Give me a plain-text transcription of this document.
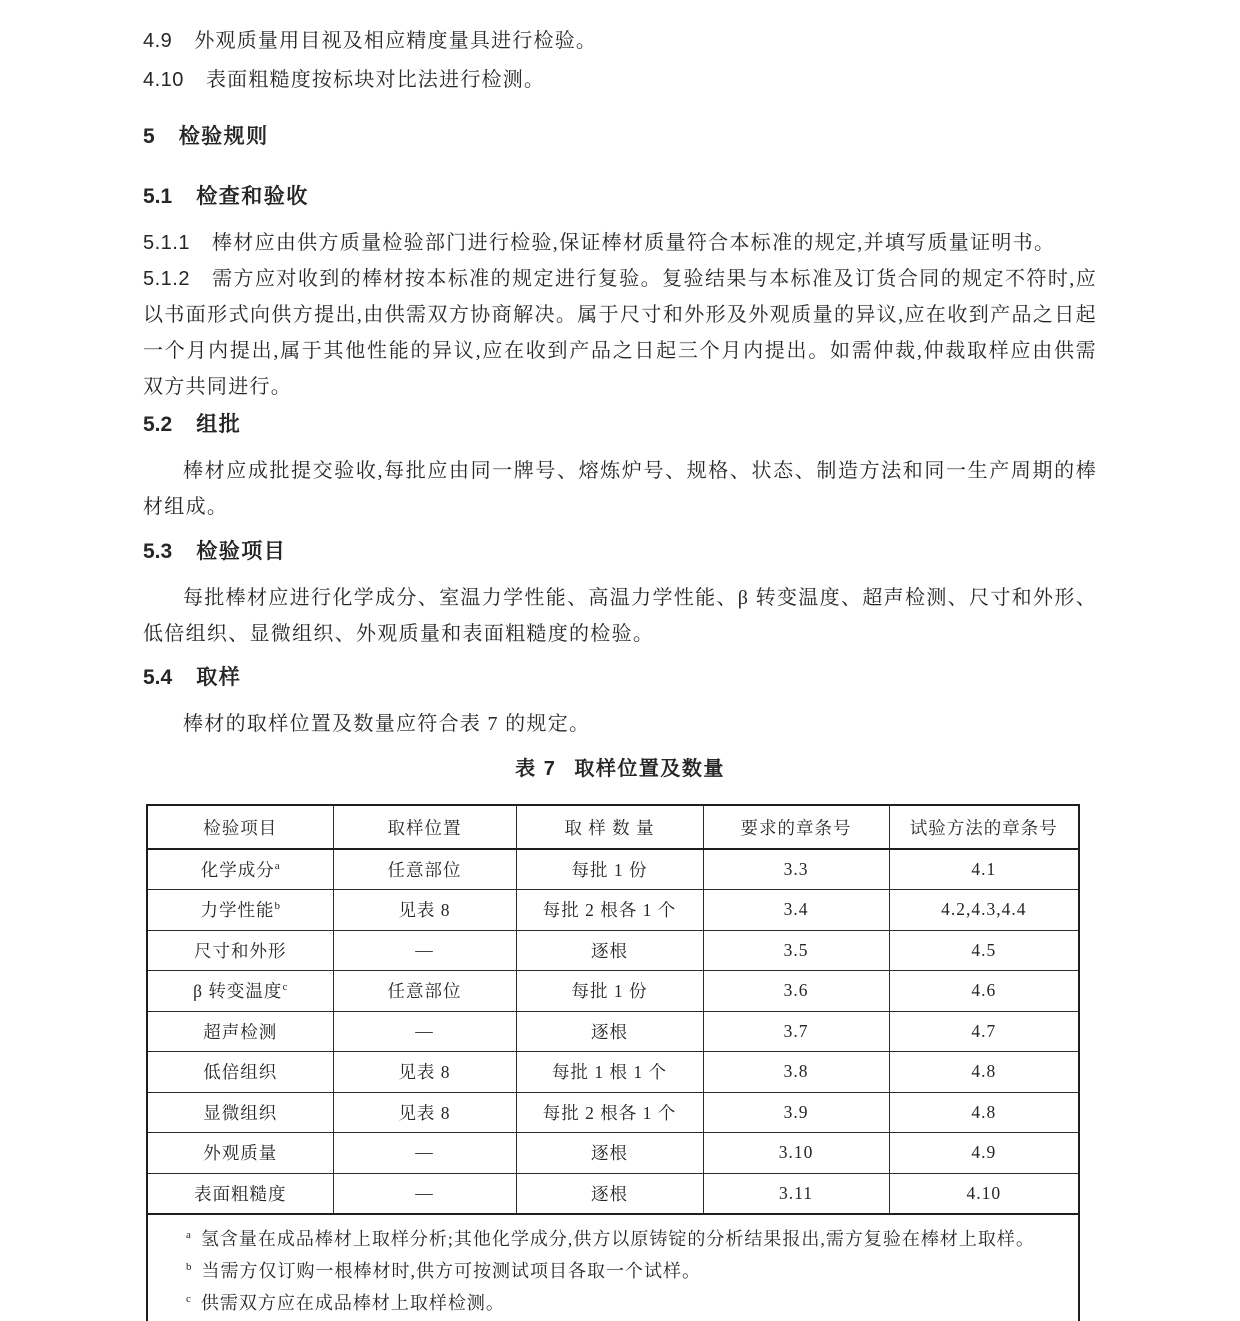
4.9 外观质量用目视及相应精度量具进行检验。

4.10 表面粗糙度按标块对比法进行检测。

5 检验规则

5.1 检查和验收

5.1.1 棒材应由供方质量检验部门进行检验,保证棒材质量符合本标准的规定,并填写质量证明书。

5.1.2 需方应对收到的棒材按本标准的规定进行复验。复验结果与本标准及订货合同的规定不符时,应以书面形式向供方提出,由供需双方协商解决。属于尺寸和外形及外观质量的异议,应在收到产品之日起一个月内提出,属于其他性能的异议,应在收到产品之日起三个月内提出。如需仲裁,仲裁取样应由供需双方共同进行。

5.2 组批

棒材应成批提交验收,每批应由同一牌号、熔炼炉号、规格、状态、制造方法和同一生产周期的棒材组成。

5.3 检验项目

每批棒材应进行化学成分、室温力学性能、高温力学性能、β 转变温度、超声检测、尺寸和外形、低倍组织、显微组织、外观质量和表面粗糙度的检验。

5.4 取样

棒材的取样位置及数量应符合表 7 的规定。

表 7 取样位置及数量

检验项目	取样位置	取 样 数 量	要求的章条号	试验方法的章条号
化学成分$^a$	任意部位	每批 1 份	3.3	4.1
力学性能$^b$	见表 8	每批 2 根各 1 个	3.4	4.2,4.3,4.4
尺寸和外形	—	逐根	3.5	4.5
β 转变温度$^c$	任意部位	每批 1 份	3.6	4.6
超声检测	—	逐根	3.7	4.7
低倍组织	见表 8	每批 1 根 1 个	3.8	4.8
显微组织	见表 8	每批 2 根各 1 个	3.9	4.8
外观质量	—	逐根	3.10	4.9
表面粗糙度	—	逐根	3.11	4.10

$^a$ 氢含量在成品棒材上取样分析;其他化学成分,供方以原铸锭的分析结果报出,需方复验在棒材上取样。

$^b$ 当需方仅订购一根棒材时,供方可按测试项目各取一个试样。

$^c$ 供需双方应在成品棒材上取样检测。				
